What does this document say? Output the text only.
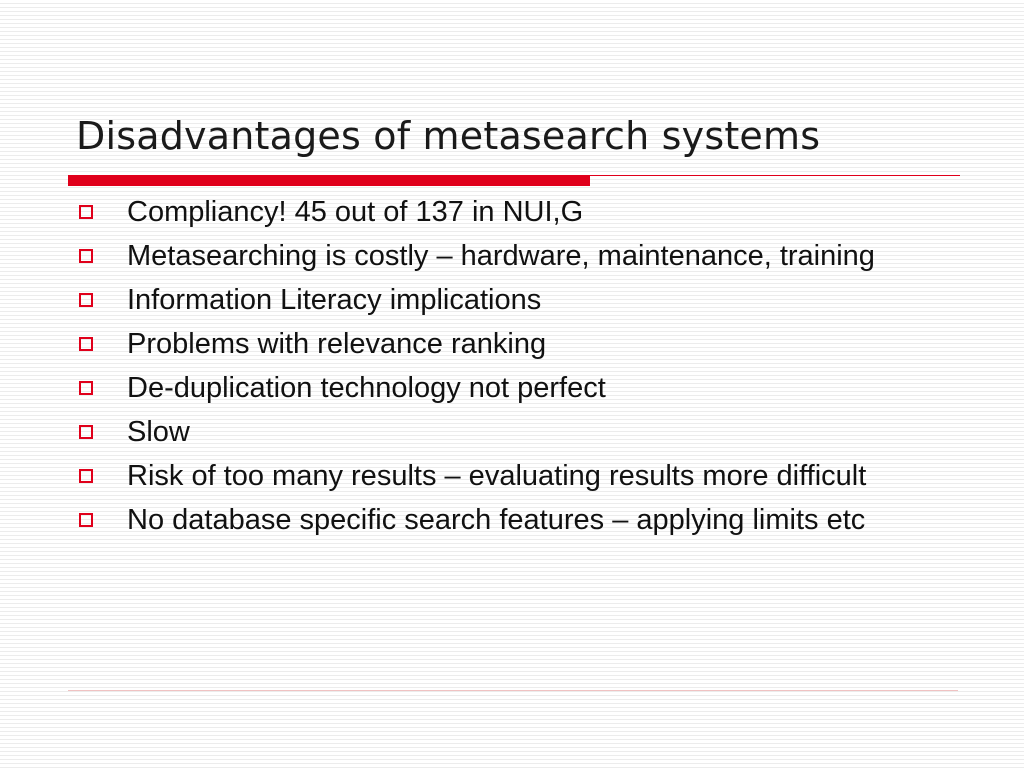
Disadvantages of metasearch systems
Compliancy! 45 out of 137 in NUI,G
Metasearching is costly – hardware, maintenance, training
Information Literacy implications
Problems with relevance ranking
De-duplication technology not perfect
Slow
Risk of too many results – evaluating results more difficult
No database specific search features – applying limits etc
